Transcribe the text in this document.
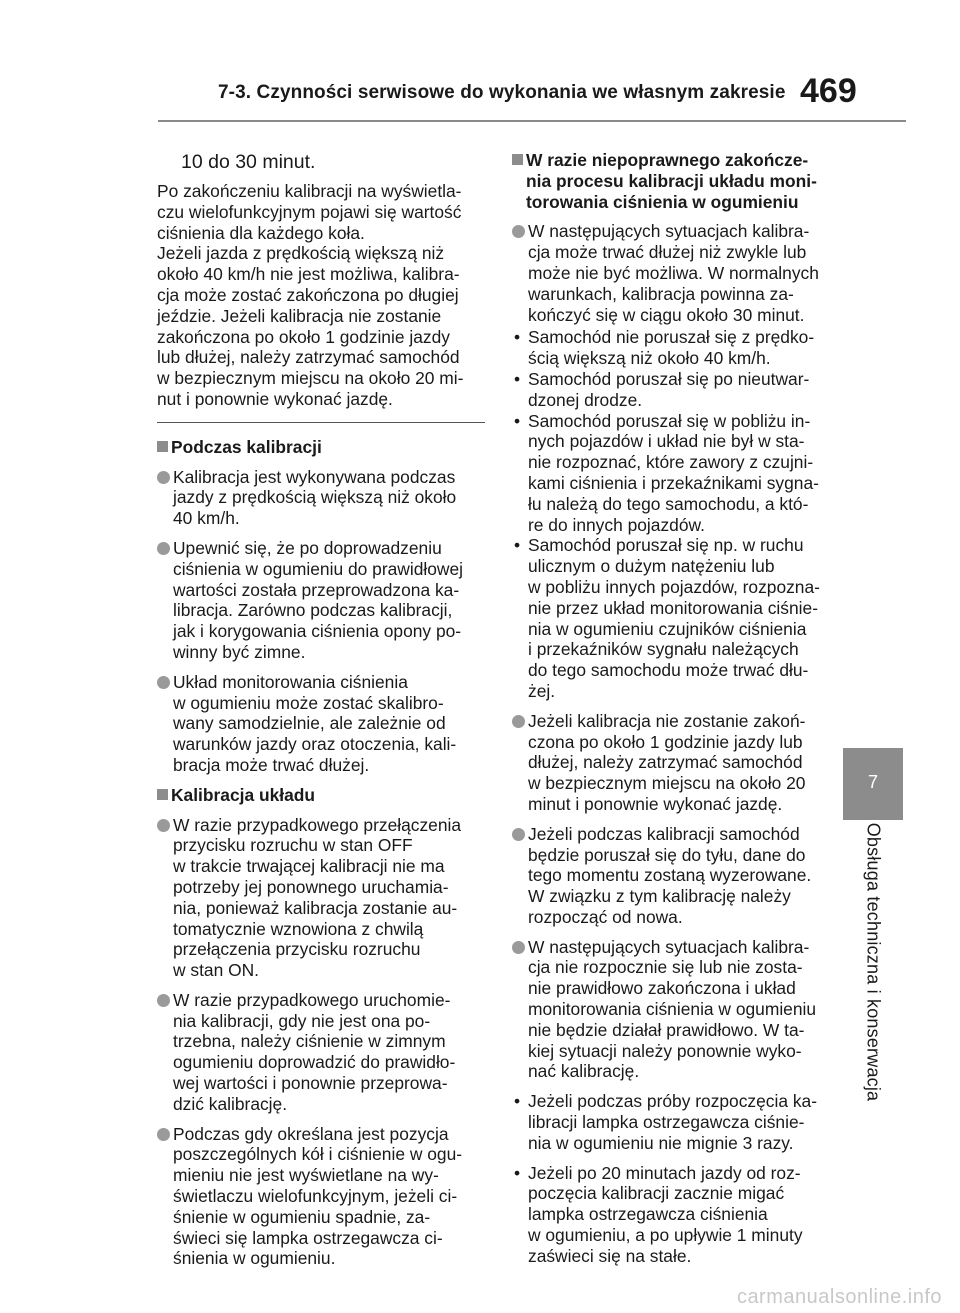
7-3. Czynności serwisowe do wykonania we własnym zakresie 469
7
Obsługa techniczna i konserwacja
10 do 30 minut.
Po zakończeniu kalibracji na wyświetla-
czu wielofunkcyjnym pojawi się wartość
ciśnienia dla każdego koła.
Jeżeli jazda z prędkością większą niż
około 40 km/h nie jest możliwa, kalibra-
cja może zostać zakończona po długiej
jeździe. Jeżeli kalibracja nie zostanie
zakończona po około 1 godzinie jazdy
lub dłużej, należy zatrzymać samochód
w bezpiecznym miejscu na około 20 mi-
nut i ponownie wykonać jazdę.
Podczas kalibracji
Kalibracja jest wykonywana podczas
jazdy z prędkością większą niż około
40 km/h.
Upewnić się, że po doprowadzeniu
ciśnienia w ogumieniu do prawidłowej
wartości została przeprowadzona ka-
libracja. Zarówno podczas kalibracji,
jak i korygowania ciśnienia opony po-
winny być zimne.
Układ monitorowania ciśnienia
w ogumieniu może zostać skalibro-
wany samodzielnie, ale zależnie od
warunków jazdy oraz otoczenia, kali-
bracja może trwać dłużej.
Kalibracja układu
W razie przypadkowego przełączenia
przycisku rozruchu w stan OFF
w trakcie trwającej kalibracji nie ma
potrzeby jej ponownego uruchamia-
nia, ponieważ kalibracja zostanie au-
tomatycznie wznowiona z chwilą
przełączenia przycisku rozruchu
w stan ON.
W razie przypadkowego uruchomie-
nia kalibracji, gdy nie jest ona po-
trzebna, należy ciśnienie w zimnym
ogumieniu doprowadzić do prawidło-
wej wartości i ponownie przeprowa-
dzić kalibrację.
Podczas gdy określana jest pozycja
poszczególnych kół i ciśnienie w ogu-
mieniu nie jest wyświetlane na wy-
świetlaczu wielofunkcyjnym, jeżeli ci-
śnienie w ogumieniu spadnie, za-
świeci się lampka ostrzegawcza ci-
śnienia w ogumieniu.
W razie niepoprawnego zakończe-
nia procesu kalibracji układu moni-
torowania ciśnienia w ogumieniu
W następujących sytuacjach kalibra-
cja może trwać dłużej niż zwykle lub
może nie być możliwa. W normalnych
warunkach, kalibracja powinna za-
kończyć się w ciągu około 30 minut.
• Samochód nie poruszał się z prędko-
ścią większą niż około 40 km/h.
• Samochód poruszał się po nieutwar-
dzonej drodze.
• Samochód poruszał się w pobliżu in-
nych pojazdów i układ nie był w sta-
nie rozpoznać, które zawory z czujni-
kami ciśnienia i przekaźnikami sygna-
łu należą do tego samochodu, a któ-
re do innych pojazdów.
• Samochód poruszał się np. w ruchu
ulicznym o dużym natężeniu lub
w pobliżu innych pojazdów, rozpozna-
nie przez układ monitorowania ciśnie-
nia w ogumieniu czujników ciśnienia
i przekaźników sygnału należących
do tego samochodu może trwać dłu-
żej.
Jeżeli kalibracja nie zostanie zakoń-
czona po około 1 godzinie jazdy lub
dłużej, należy zatrzymać samochód
w bezpiecznym miejscu na około 20
minut i ponownie wykonać jazdę.
Jeżeli podczas kalibracji samochód
będzie poruszał się do tyłu, dane do
tego momentu zostaną wyzerowane.
W związku z tym kalibrację należy
rozpocząć od nowa.
W następujących sytuacjach kalibra-
cja nie rozpocznie się lub nie zosta-
nie prawidłowo zakończona i układ
monitorowania ciśnienia w ogumieniu
nie będzie działał prawidłowo. W ta-
kiej sytuacji należy ponownie wyko-
nać kalibrację.
• Jeżeli podczas próby rozpoczęcia ka-
libracji lampka ostrzegawcza ciśnie-
nia w ogumieniu nie mignie 3 razy.
• Jeżeli po 20 minutach jazdy od roz-
poczęcia kalibracji zacznie migać
lampka ostrzegawcza ciśnienia
w ogumieniu, a po upływie 1 minuty
zaświeci się na stałe.
carmanualsonline.info
